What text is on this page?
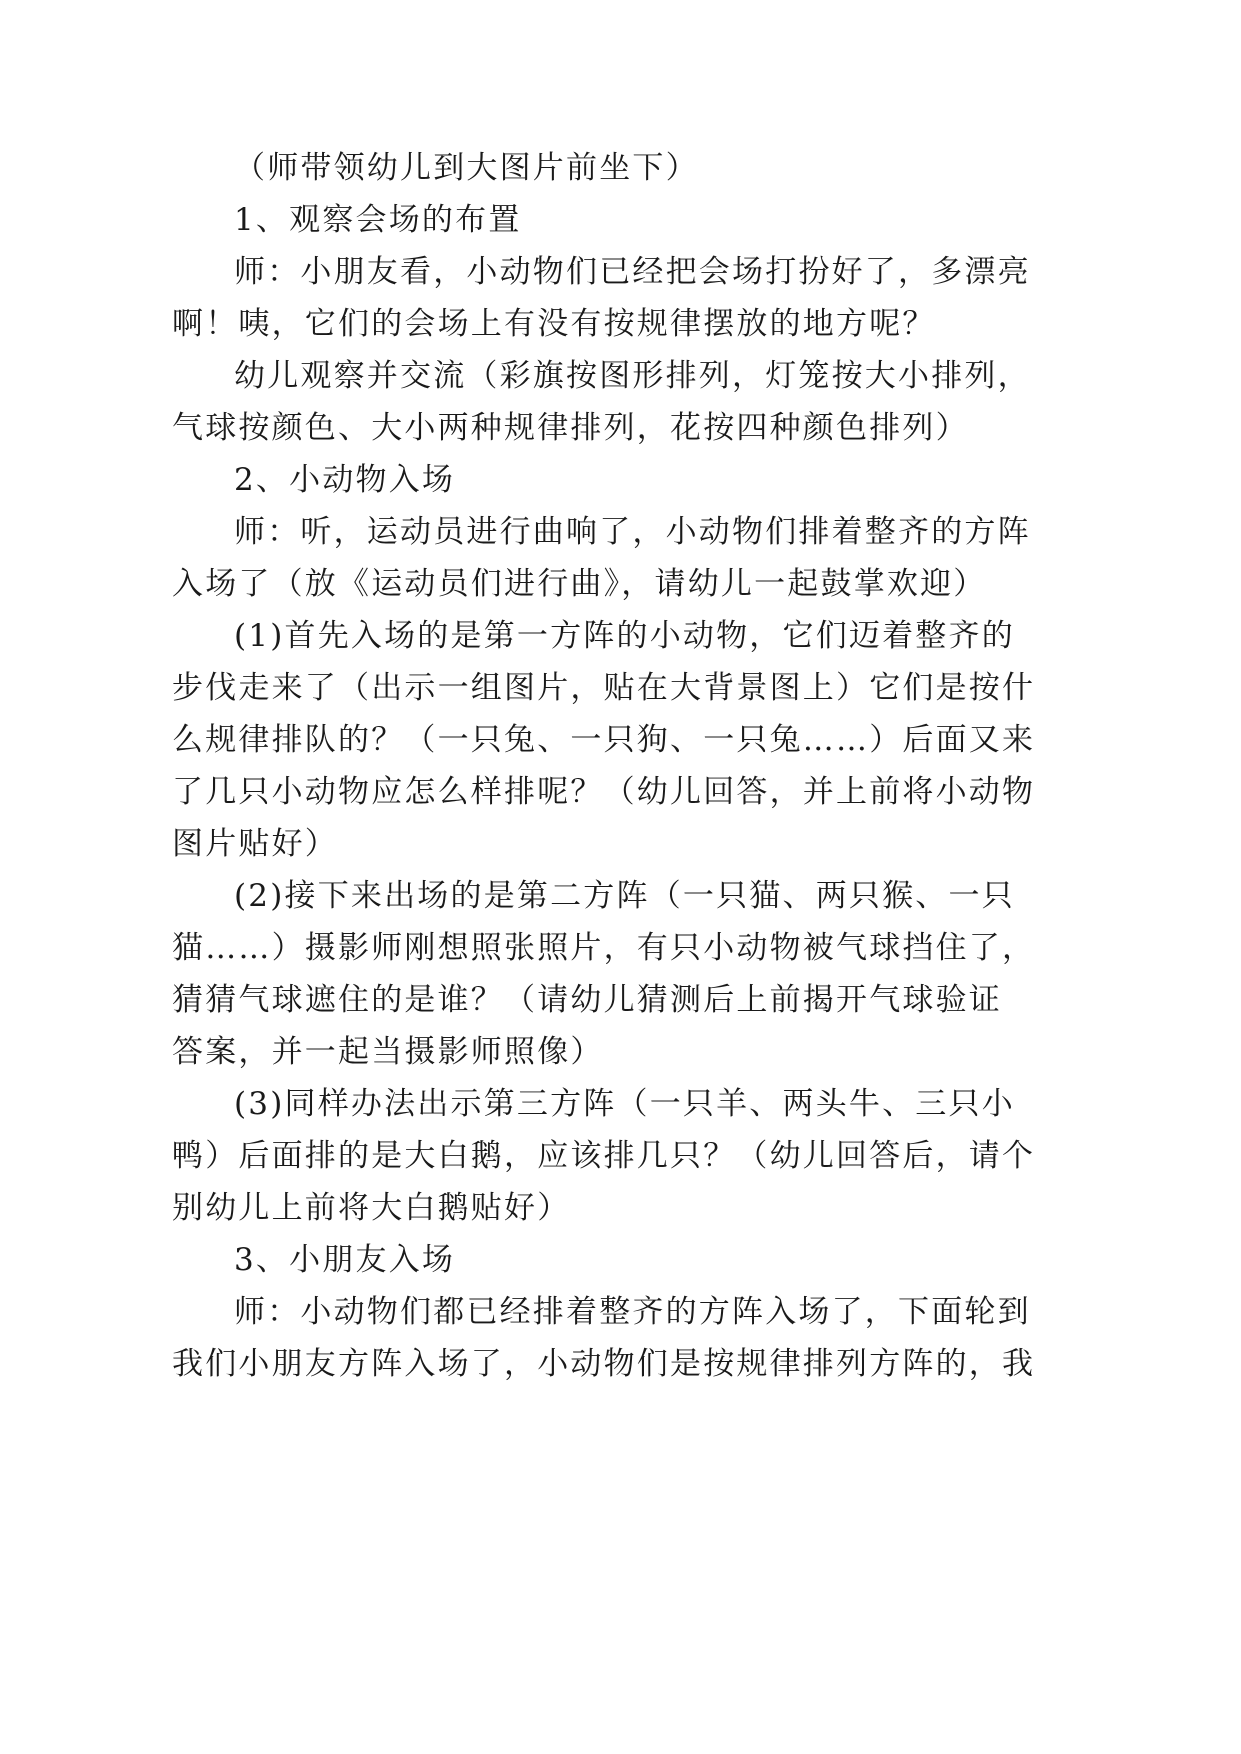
（师带领幼儿到大图片前坐下）
1、观察会场的布置
师：小朋友看，小动物们已经把会场打扮好了，多漂亮
啊！咦，它们的会场上有没有按规律摆放的地方呢？
幼儿观察并交流（彩旗按图形排列，灯笼按大小排列，
气球按颜色、大小两种规律排列，花按四种颜色排列）
2、小动物入场
师：听，运动员进行曲响了，小动物们排着整齐的方阵
入场了（放《运动员们进行曲》，请幼儿一起鼓掌欢迎）
(1)首先入场的是第一方阵的小动物，它们迈着整齐的
步伐走来了（出示一组图片，贴在大背景图上）它们是按什
么规律排队的？（一只兔、一只狗、一只兔……）后面又来
了几只小动物应怎么样排呢？（幼儿回答，并上前将小动物
图片贴好）
(2)接下来出场的是第二方阵（一只猫、两只猴、一只
猫……）摄影师刚想照张照片，有只小动物被气球挡住了，
猜猜气球遮住的是谁？（请幼儿猜测后上前揭开气球验证
答案，并一起当摄影师照像）
(3)同样办法出示第三方阵（一只羊、两头牛、三只小
鸭）后面排的是大白鹅，应该排几只？（幼儿回答后，请个
别幼儿上前将大白鹅贴好）
3、小朋友入场
师：小动物们都已经排着整齐的方阵入场了，下面轮到
我们小朋友方阵入场了，小动物们是按规律排列方阵的，我
